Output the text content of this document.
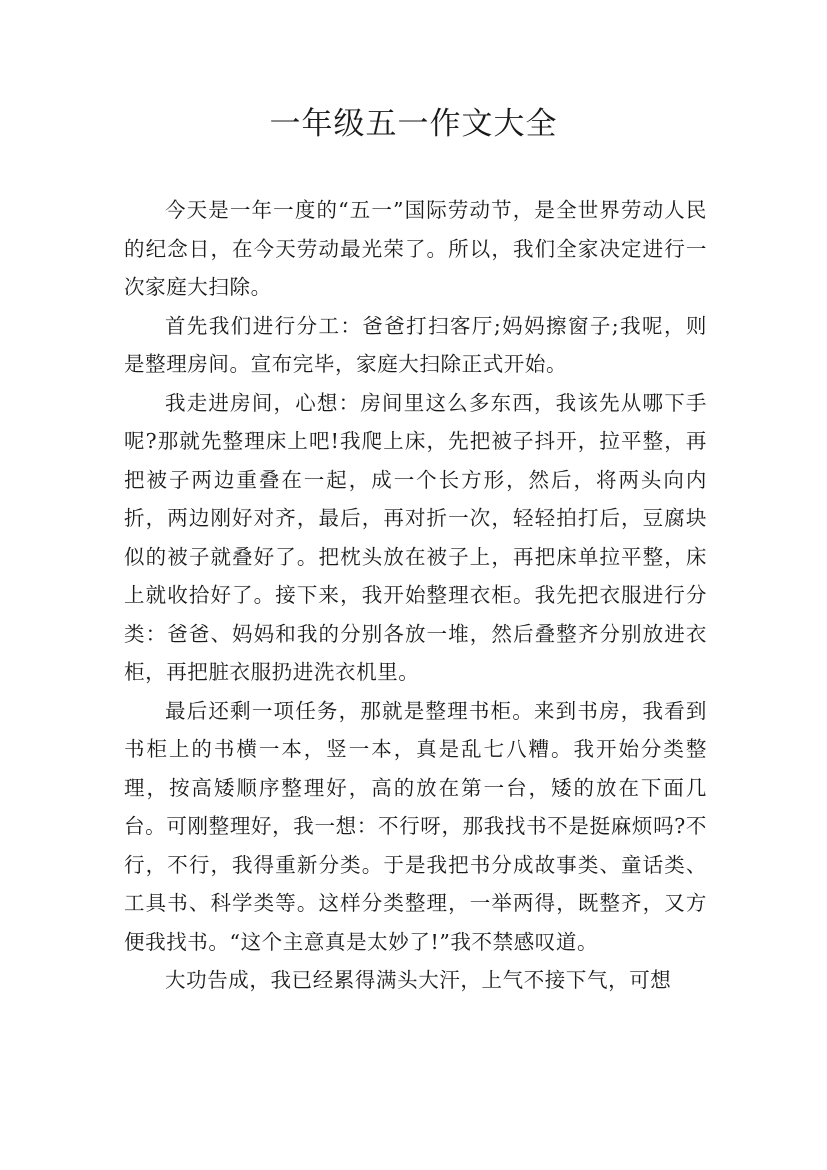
一年级五一作文大全

今天是一年一度的“五一”国际劳动节，是全世界劳动人民的纪念日，在今天劳动最光荣了。所以，我们全家决定进行一次家庭大扫除。

首先我们进行分工：爸爸打扫客厅;妈妈擦窗子;我呢，则是整理房间。宣布完毕，家庭大扫除正式开始。

我走进房间，心想：房间里这么多东西，我该先从哪下手呢?那就先整理床上吧!我爬上床，先把被子抖开，拉平整，再把被子两边重叠在一起，成一个长方形，然后，将两头向内折，两边刚好对齐，最后，再对折一次，轻轻拍打后，豆腐块似的被子就叠好了。把枕头放在被子上，再把床单拉平整，床上就收拾好了。接下来，我开始整理衣柜。我先把衣服进行分类：爸爸、妈妈和我的分别各放一堆，然后叠整齐分别放进衣柜，再把脏衣服扔进洗衣机里。

最后还剩一项任务，那就是整理书柜。来到书房，我看到书柜上的书横一本，竖一本，真是乱七八糟。我开始分类整理，按高矮顺序整理好，高的放在第一台，矮的放在下面几台。可刚整理好，我一想：不行呀，那我找书不是挺麻烦吗?不行，不行，我得重新分类。于是我把书分成故事类、童话类、工具书、科学类等。这样分类整理，一举两得，既整齐，又方便我找书。“这个主意真是太妙了!”我不禁感叹道。

大功告成，我已经累得满头大汗，上气不接下气，可想
